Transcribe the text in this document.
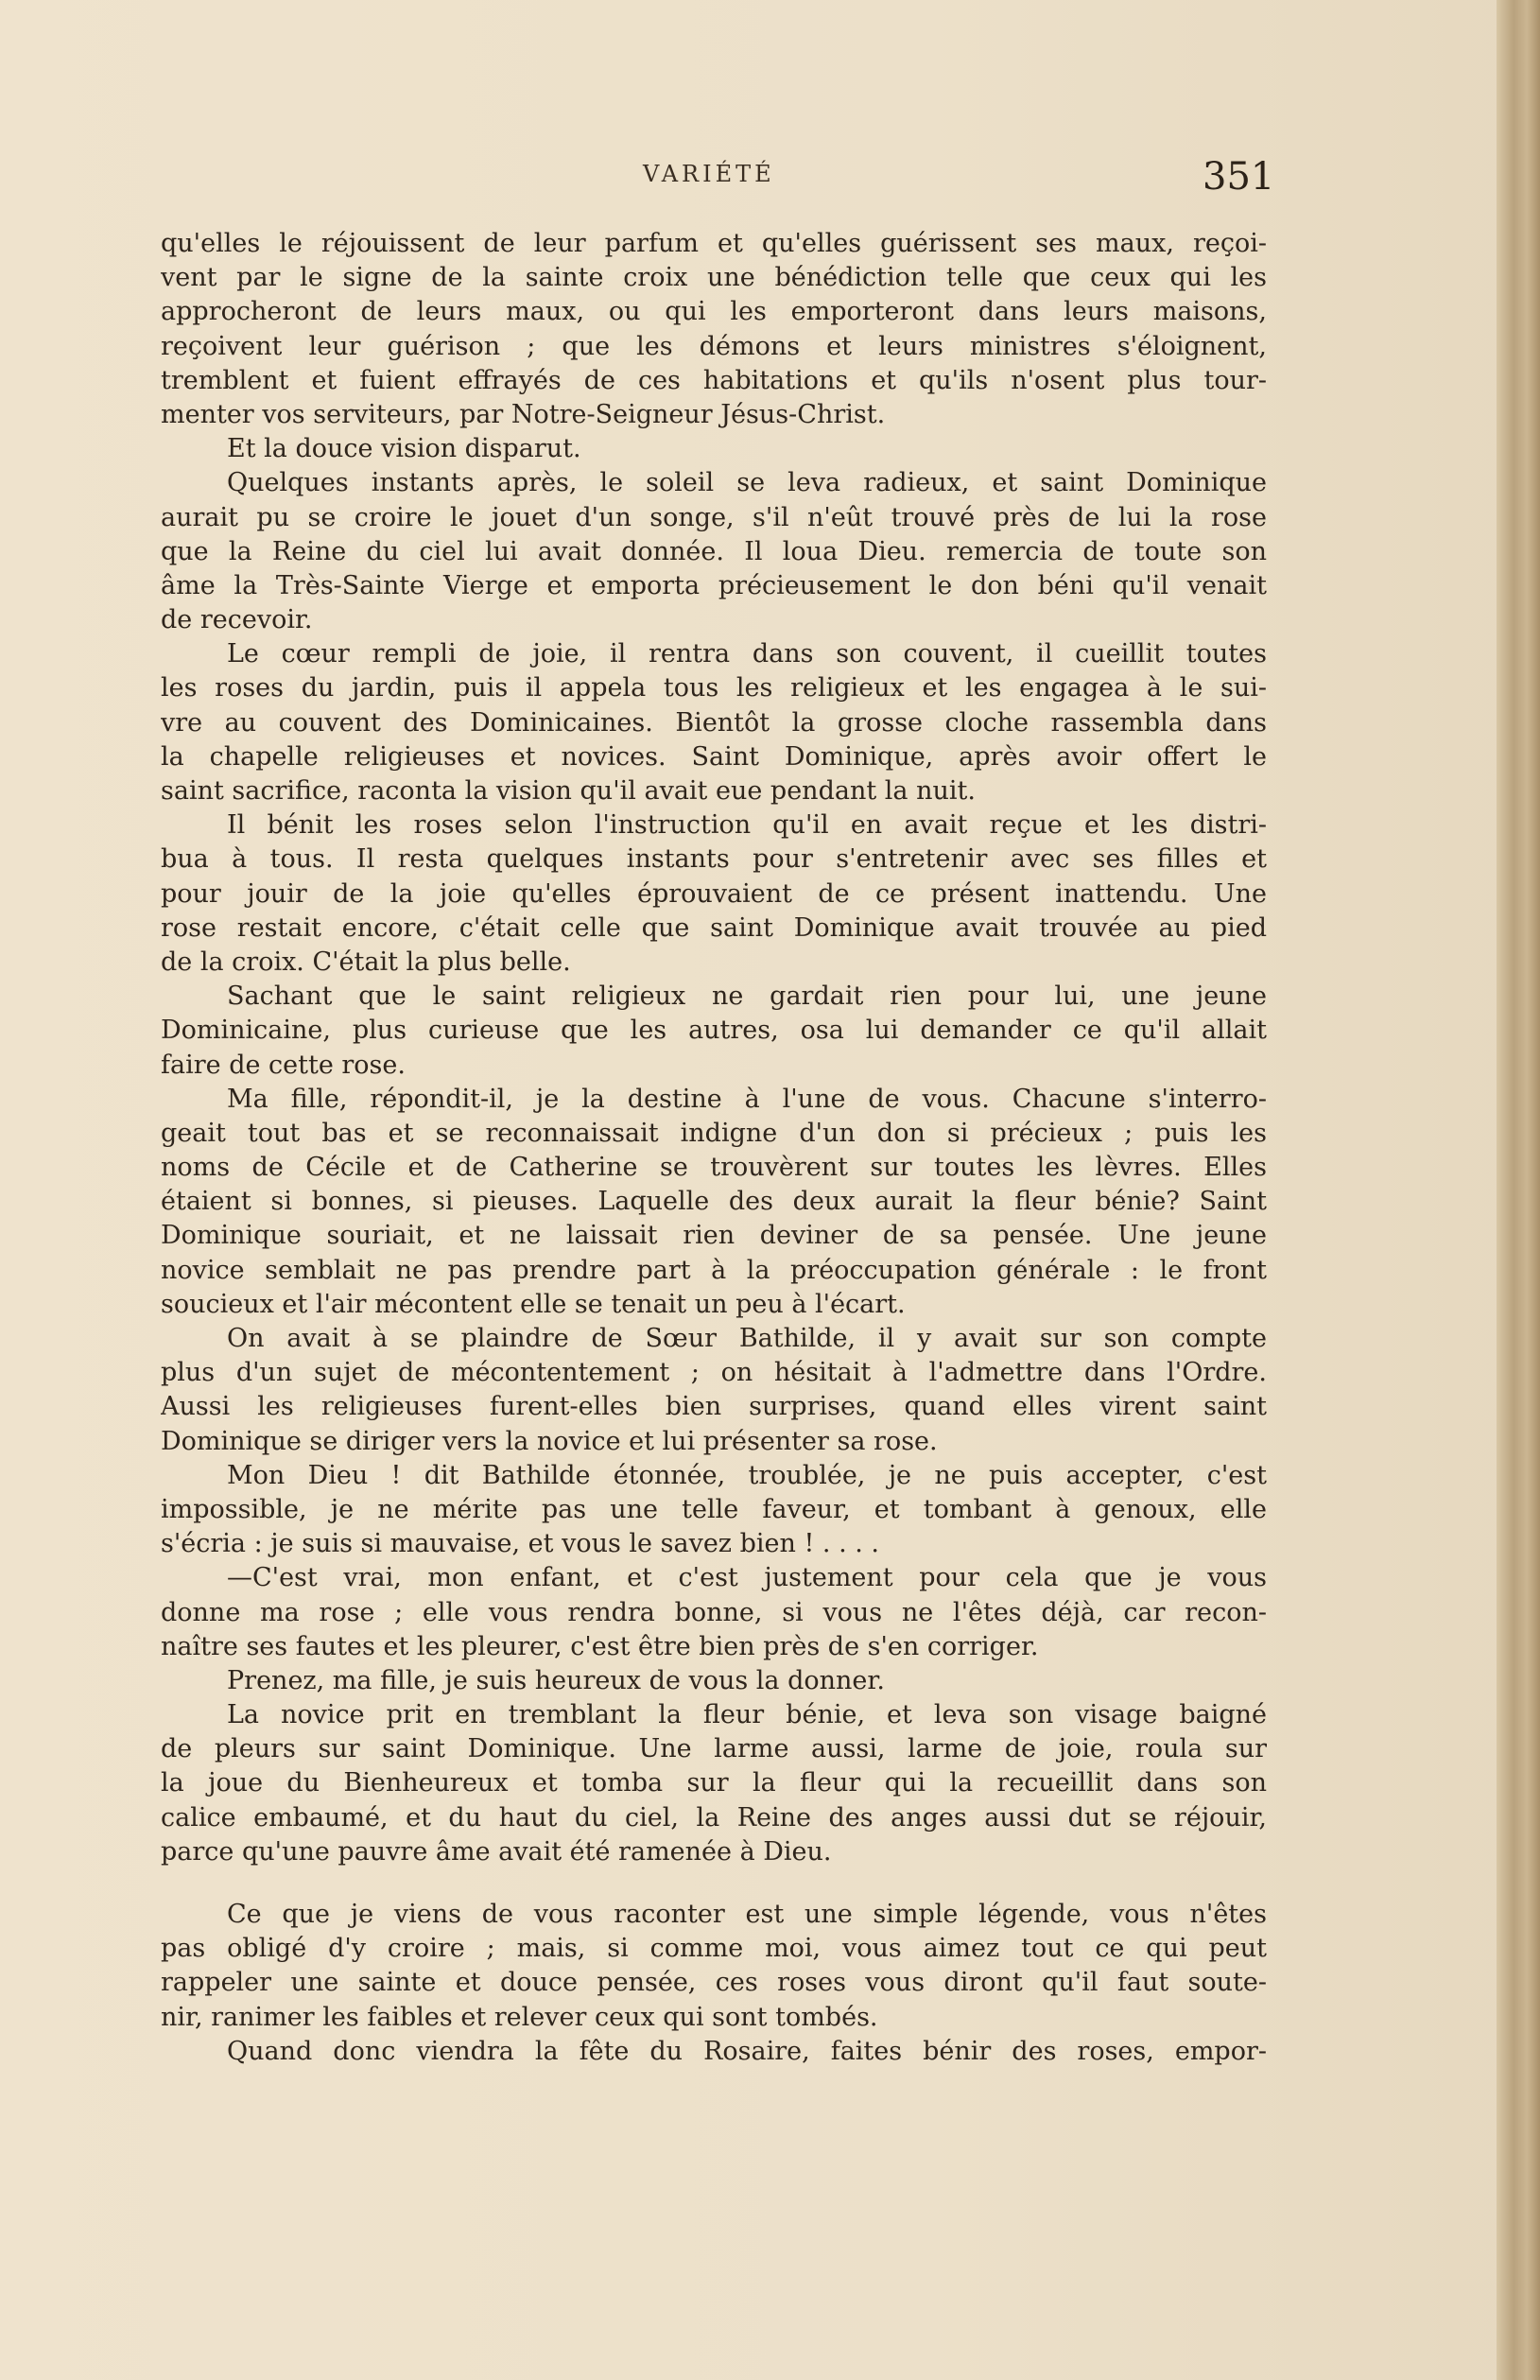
VARIÉTÉ	351
qu'elles le réjouissent de leur parfum et qu'elles guérissent ses maux, reçoi-
vent par le signe de la sainte croix une bénédiction telle que ceux qui les
approcheront de leurs maux, ou qui les emporteront dans leurs maisons,
reçoivent leur guérison ; que les démons et leurs ministres s'éloignent,
tremblent et fuient effrayés de ces habitations et qu'ils n'osent plus tour-
menter vos serviteurs, par Notre-Seigneur Jésus-Christ.
Et la douce vision disparut.
Quelques instants après, le soleil se leva radieux, et saint Dominique
aurait pu se croire le jouet d'un songe, s'il n'eût trouvé près de lui la rose
que la Reine du ciel lui avait donnée. Il loua Dieu. remercia de toute son
âme la Très-Sainte Vierge et emporta précieusement le don béni qu'il venait
de recevoir.
Le cœur rempli de joie, il rentra dans son couvent, il cueillit toutes
les roses du jardin, puis il appela tous les religieux et les engagea à le sui-
vre au couvent des Dominicaines. Bientôt la grosse cloche rassembla dans
la chapelle religieuses et novices. Saint Dominique, après avoir offert le
saint sacrifice, raconta la vision qu'il avait eue pendant la nuit.
Il bénit les roses selon l'instruction qu'il en avait reçue et les distri-
bua à tous. Il resta quelques instants pour s'entretenir avec ses filles et
pour jouir de la joie qu'elles éprouvaient de ce présent inattendu. Une
rose restait encore, c'était celle que saint Dominique avait trouvée au pied
de la croix. C'était la plus belle.
Sachant que le saint religieux ne gardait rien pour lui, une jeune
Dominicaine, plus curieuse que les autres, osa lui demander ce qu'il allait
faire de cette rose.
Ma fille, répondit-il, je la destine à l'une de vous. Chacune s'interro-
geait tout bas et se reconnaissait indigne d'un don si précieux ; puis les
noms de Cécile et de Catherine se trouvèrent sur toutes les lèvres. Elles
étaient si bonnes, si pieuses. Laquelle des deux aurait la fleur bénie? Saint
Dominique souriait, et ne laissait rien deviner de sa pensée. Une jeune
novice semblait ne pas prendre part à la préoccupation générale : le front
soucieux et l'air mécontent elle se tenait un peu à l'écart.
On avait à se plaindre de Sœur Bathilde, il y avait sur son compte
plus d'un sujet de mécontentement ; on hésitait à l'admettre dans l'Ordre.
Aussi les religieuses furent-elles bien surprises, quand elles virent saint
Dominique se diriger vers la novice et lui présenter sa rose.
Mon Dieu ! dit Bathilde étonnée, troublée, je ne puis accepter, c'est
impossible, je ne mérite pas une telle faveur, et tombant à genoux, elle
s'écria : je suis si mauvaise, et vous le savez bien ! . . . .
—C'est vrai, mon enfant, et c'est justement pour cela que je vous
donne ma rose ; elle vous rendra bonne, si vous ne l'êtes déjà, car recon-
naître ses fautes et les pleurer, c'est être bien près de s'en corriger.
Prenez, ma fille, je suis heureux de vous la donner.
La novice prit en tremblant la fleur bénie, et leva son visage baigné
de pleurs sur saint Dominique. Une larme aussi, larme de joie, roula sur
la joue du Bienheureux et tomba sur la fleur qui la recueillit dans son
calice embaumé, et du haut du ciel, la Reine des anges aussi dut se réjouir,
parce qu'une pauvre âme avait été ramenée à Dieu.
Ce que je viens de vous raconter est une simple légende, vous n'êtes
pas obligé d'y croire ; mais, si comme moi, vous aimez tout ce qui peut
rappeler une sainte et douce pensée, ces roses vous diront qu'il faut soute-
nir, ranimer les faibles et relever ceux qui sont tombés.
Quand donc viendra la fête du Rosaire, faites bénir des roses, empor-
